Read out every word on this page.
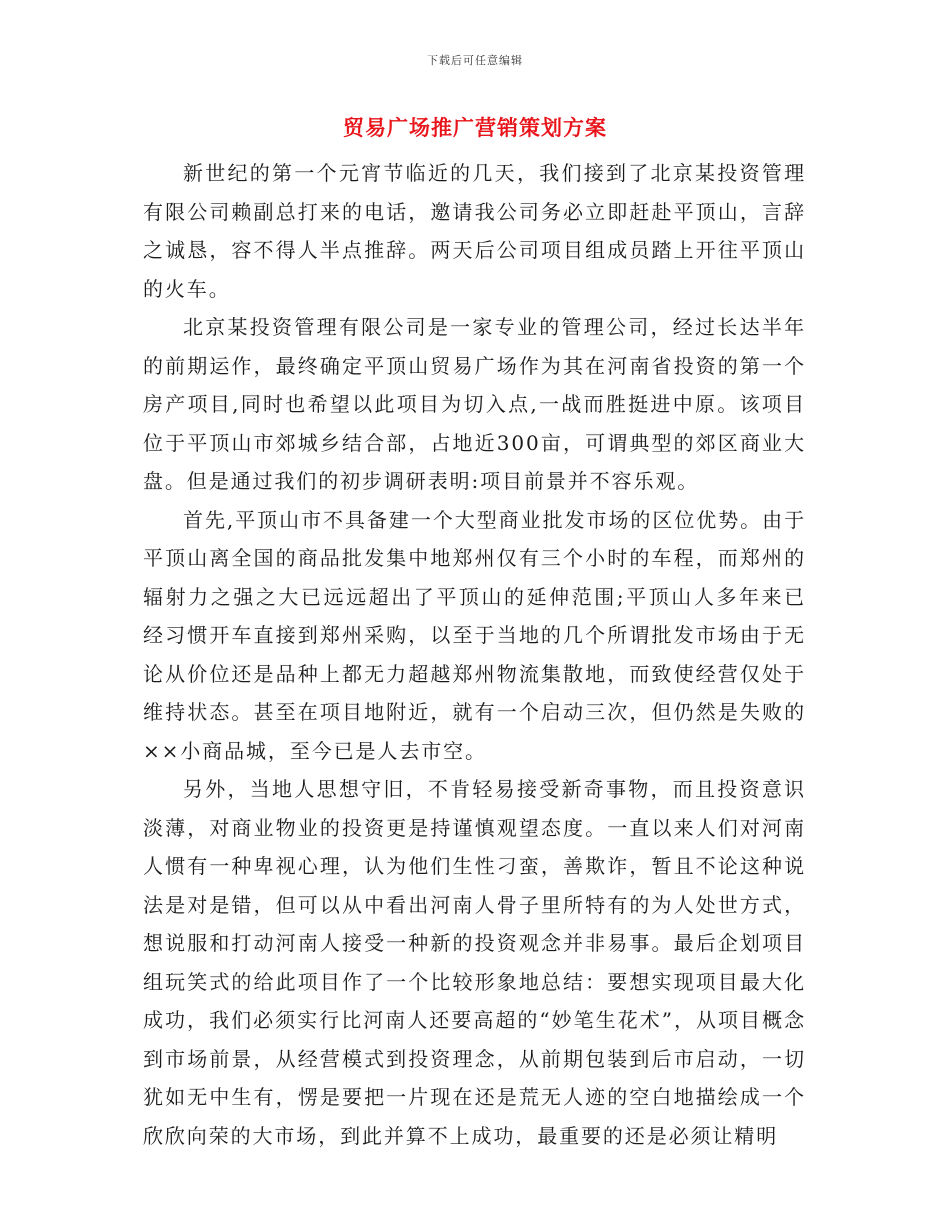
下载后可任意编辑
贸易广场推广营销策划方案

新世纪的第一个元宵节临近的几天，我们接到了北京某投资管理有限公司赖副总打来的电话，邀请我公司务必立即赶赴平顶山，言辞之诚恳，容不得人半点推辞。两天后公司项目组成员踏上开往平顶山的火车。

北京某投资管理有限公司是一家专业的管理公司，经过长达半年的前期运作，最终确定平顶山贸易广场作为其在河南省投资的第一个房产项目,同时也希望以此项目为切入点,一战而胜挺进中原。该项目位于平顶山市郊城乡结合部，占地近300亩，可谓典型的郊区商业大盘。但是通过我们的初步调研表明:项目前景并不容乐观。

首先,平顶山市不具备建一个大型商业批发市场的区位优势。由于平顶山离全国的商品批发集中地郑州仅有三个小时的车程，而郑州的辐射力之强之大已远远超出了平顶山的延伸范围;平顶山人多年来已经习惯开车直接到郑州采购，以至于当地的几个所谓批发市场由于无论从价位还是品种上都无力超越郑州物流集散地，而致使经营仅处于维持状态。甚至在项目地附近，就有一个启动三次，但仍然是失败的××小商品城，至今已是人去市空。

另外，当地人思想守旧，不肯轻易接受新奇事物，而且投资意识淡薄，对商业物业的投资更是持谨慎观望态度。一直以来人们对河南人惯有一种卑视心理，认为他们生性刁蛮，善欺诈，暂且不论这种说法是对是错，但可以从中看出河南人骨子里所特有的为人处世方式，想说服和打动河南人接受一种新的投资观念并非易事。最后企划项目组玩笑式的给此项目作了一个比较形象地总结：要想实现项目最大化成功，我们必须实行比河南人还要高超的“妙笔生花术”，从项目概念到市场前景，从经营模式到投资理念，从前期包装到后市启动，一切犹如无中生有，愣是要把一片现在还是荒无人迹的空白地描绘成一个欣欣向荣的大市场，到此并算不上成功，最重要的还是必须让精明
